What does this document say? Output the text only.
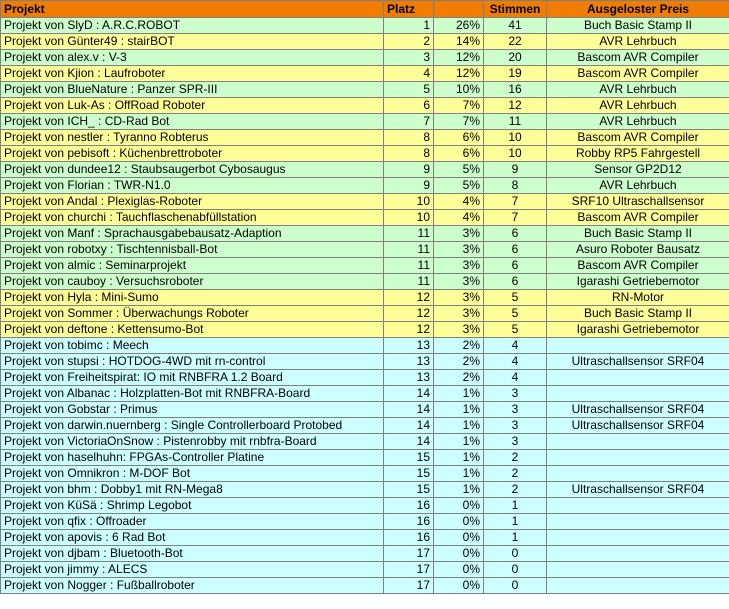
Projekt	Platz		Stimmen	Ausgeloster Preis
Projekt von SlyD : A.R.C.ROBOT	1	26%	41	Buch Basic Stamp II
Projekt von Günter49 : stairBOT	2	14%	22	AVR Lehrbuch
Projekt von alex.v : V-3	3	12%	20	Bascom AVR Compiler
Projekt von Kjion : Laufroboter	4	12%	19	Bascom AVR Compiler
Projekt von BlueNature : Panzer SPR-III	5	10%	16	AVR Lehrbuch
Projekt von Luk-As : OffRoad Roboter	6	7%	12	AVR Lehrbuch
Projekt von ICH_ : CD-Rad Bot	7	7%	11	AVR Lehrbuch
Projekt von nestler : Tyranno Robterus	8	6%	10	Bascom AVR Compiler
Projekt von pebisoft : Küchenbrettroboter	8	6%	10	Robby RP5 Fahrgestell
Projekt von dundee12 : Staubsaugerbot Cybosaugus	9	5%	9	Sensor GP2D12
Projekt von Florian : TWR-N1.0	9	5%	8	AVR Lehrbuch
Projekt von Andal : Plexiglas-Roboter	10	4%	7	SRF10 Ultraschallsensor
Projekt von churchi : Tauchflaschenabfüllstation	10	4%	7	Bascom AVR Compiler
Projekt von Manf : Sprachausgabebausatz-Adaption	11	3%	6	Buch Basic Stamp II
Projekt von robotxy : Tischtennisball-Bot	11	3%	6	Asuro Roboter Bausatz
Projekt von almic : Seminarprojekt	11	3%	6	Bascom AVR Compiler
Projekt von cauboy : Versuchsroboter	11	3%	6	Igarashi Getriebemotor
Projekt von Hyla : Mini-Sumo	12	3%	5	RN-Motor
Projekt von Sommer : Überwachungs Roboter	12	3%	5	Buch Basic Stamp II
Projekt von deftone : Kettensumo-Bot	12	3%	5	Igarashi Getriebemotor
Projekt von tobimc : Meech	13	2%	4	
Projekt von stupsi : HOTDOG-4WD mit rn-control	13	2%	4	Ultraschallsensor SRF04
Projekt von Freiheitspirat: IO mit RNBFRA 1.2 Board	13	2%	4	
Projekt von Albanac : Holzplatten-Bot mit RNBFRA-Board	14	1%	3	
Projekt von Gobstar : Primus	14	1%	3	Ultraschallsensor SRF04
Projekt von darwin.nuernberg : Single Controllerboard Protobed	14	1%	3	Ultraschallsensor SRF04
Projekt von VictoriaOnSnow : Pistenrobby mit rnbfra-Board	14	1%	3	
Projekt von haselhuhn: FPGAs-Controller Platine	15	1%	2	
Projekt von Omnikron : M-DOF Bot	15	1%	2	
Projekt von bhm : Dobby1 mit RN-Mega8	15	1%	2	Ultraschallsensor SRF04
Projekt von KüSä : Shrimp Legobot	16	0%	1	
Projekt von qfix : Offroader	16	0%	1	
Projekt von apovis : 6 Rad Bot	16	0%	1	
Projekt von djbam : Bluetooth-Bot	17	0%	0	
Projekt von jimmy : ALECS	17	0%	0	
Projekt von Nogger : Fußballroboter	17	0%	0	
